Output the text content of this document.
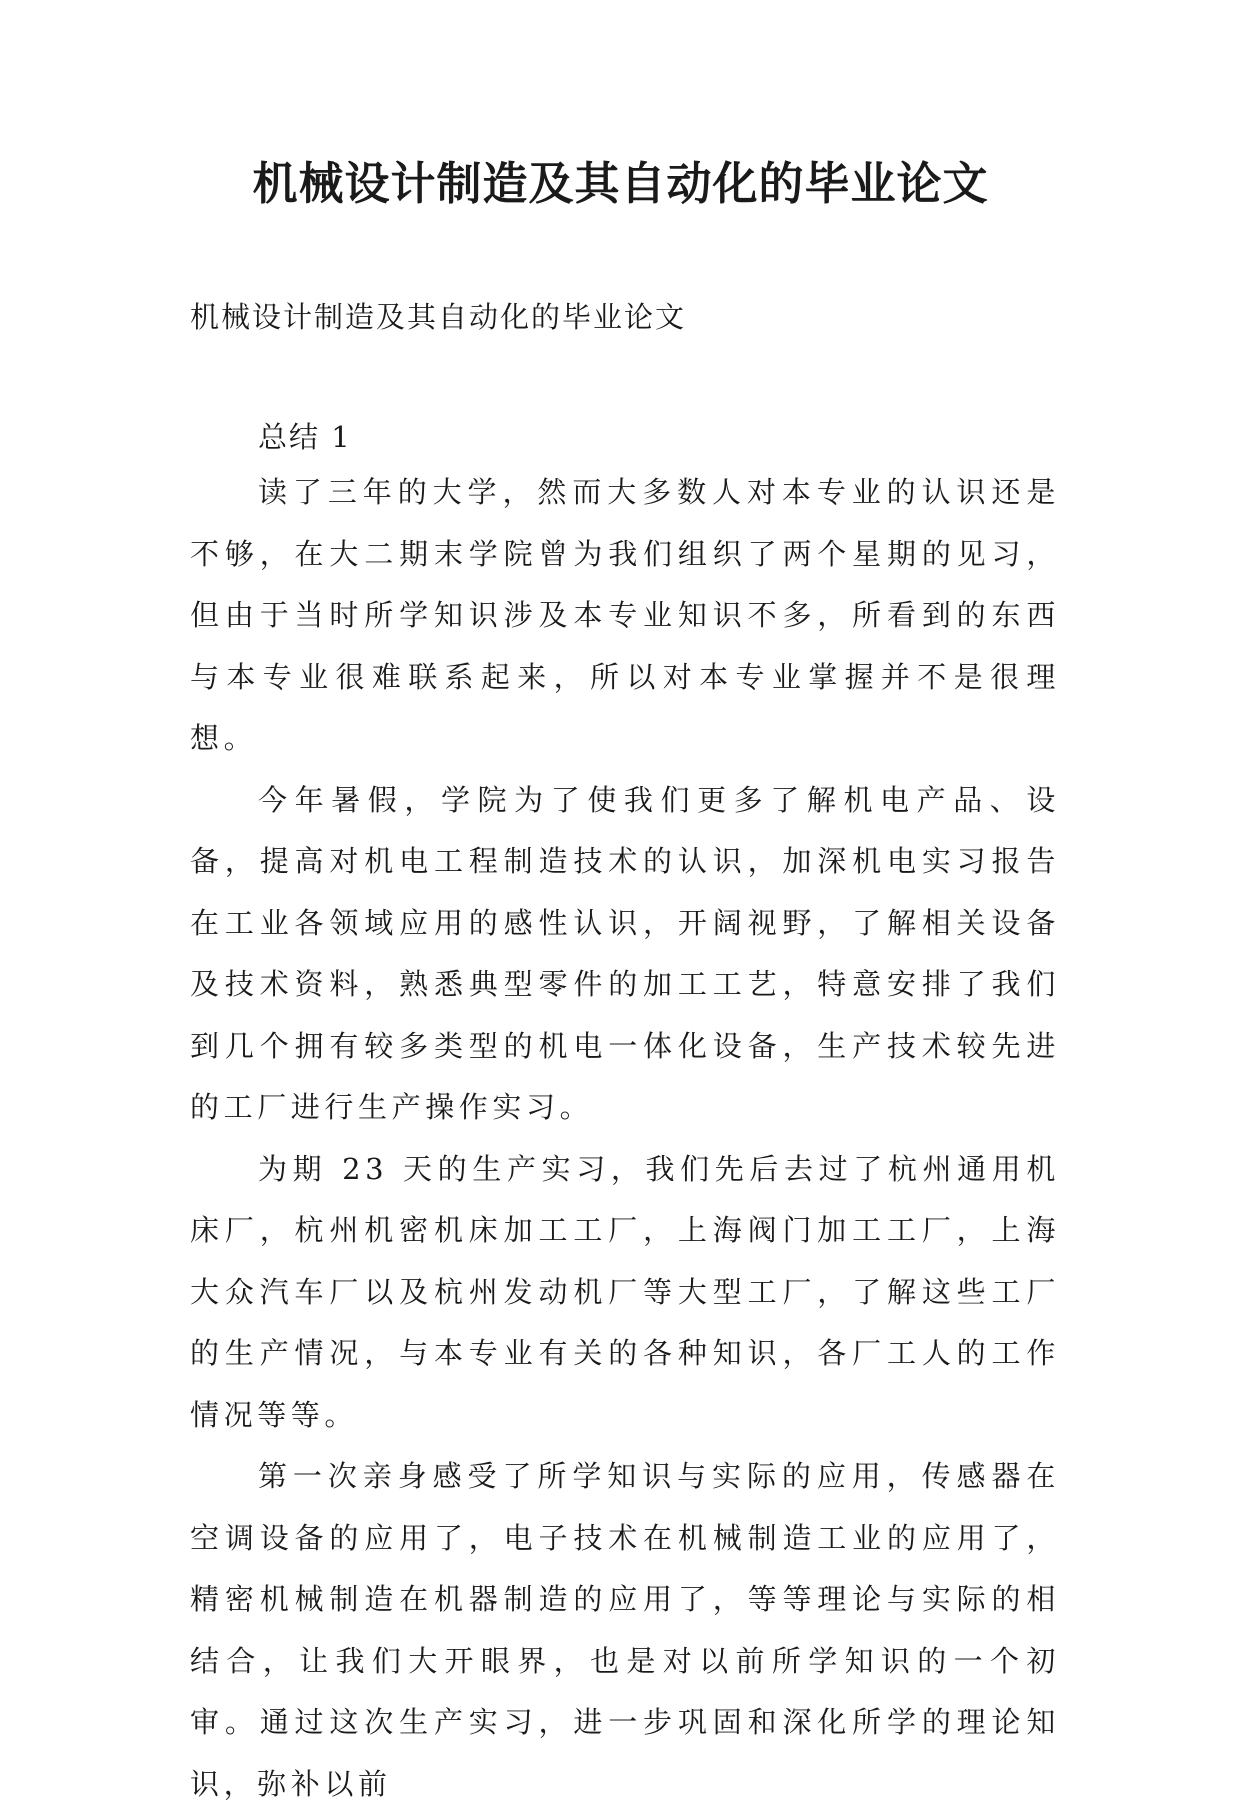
机械设计制造及其自动化的毕业论文

机械设计制造及其自动化的毕业论文

总结 1

读了三年的大学，然而大多数人对本专业的认识还是不够，在大二期末学院曾为我们组织了两个星期的见习，但由于当时所学知识涉及本专业知识不多，所看到的东西与本专业很难联系起来，所以对本专业掌握并不是很理想。

今年暑假，学院为了使我们更多了解机电产品、设备，提高对机电工程制造技术的认识，加深机电实习报告在工业各领域应用的感性认识，开阔视野，了解相关设备及技术资料，熟悉典型零件的加工工艺，特意安排了我们到几个拥有较多类型的机电一体化设备，生产技术较先进的工厂进行生产操作实习。

为期 23 天的生产实习，我们先后去过了杭州通用机床厂，杭州机密机床加工工厂，上海阀门加工工厂，上海大众汽车厂以及杭州发动机厂等大型工厂，了解这些工厂的生产情况，与本专业有关的各种知识，各厂工人的工作情况等等。

第一次亲身感受了所学知识与实际的应用，传感器在空调设备的应用了，电子技术在机械制造工业的应用了，精密机械制造在机器制造的应用了，等等理论与实际的相结合，让我们大开眼界，也是对以前所学知识的一个初审。通过这次生产实习，进一步巩固和深化所学的理论知识，弥补以前
